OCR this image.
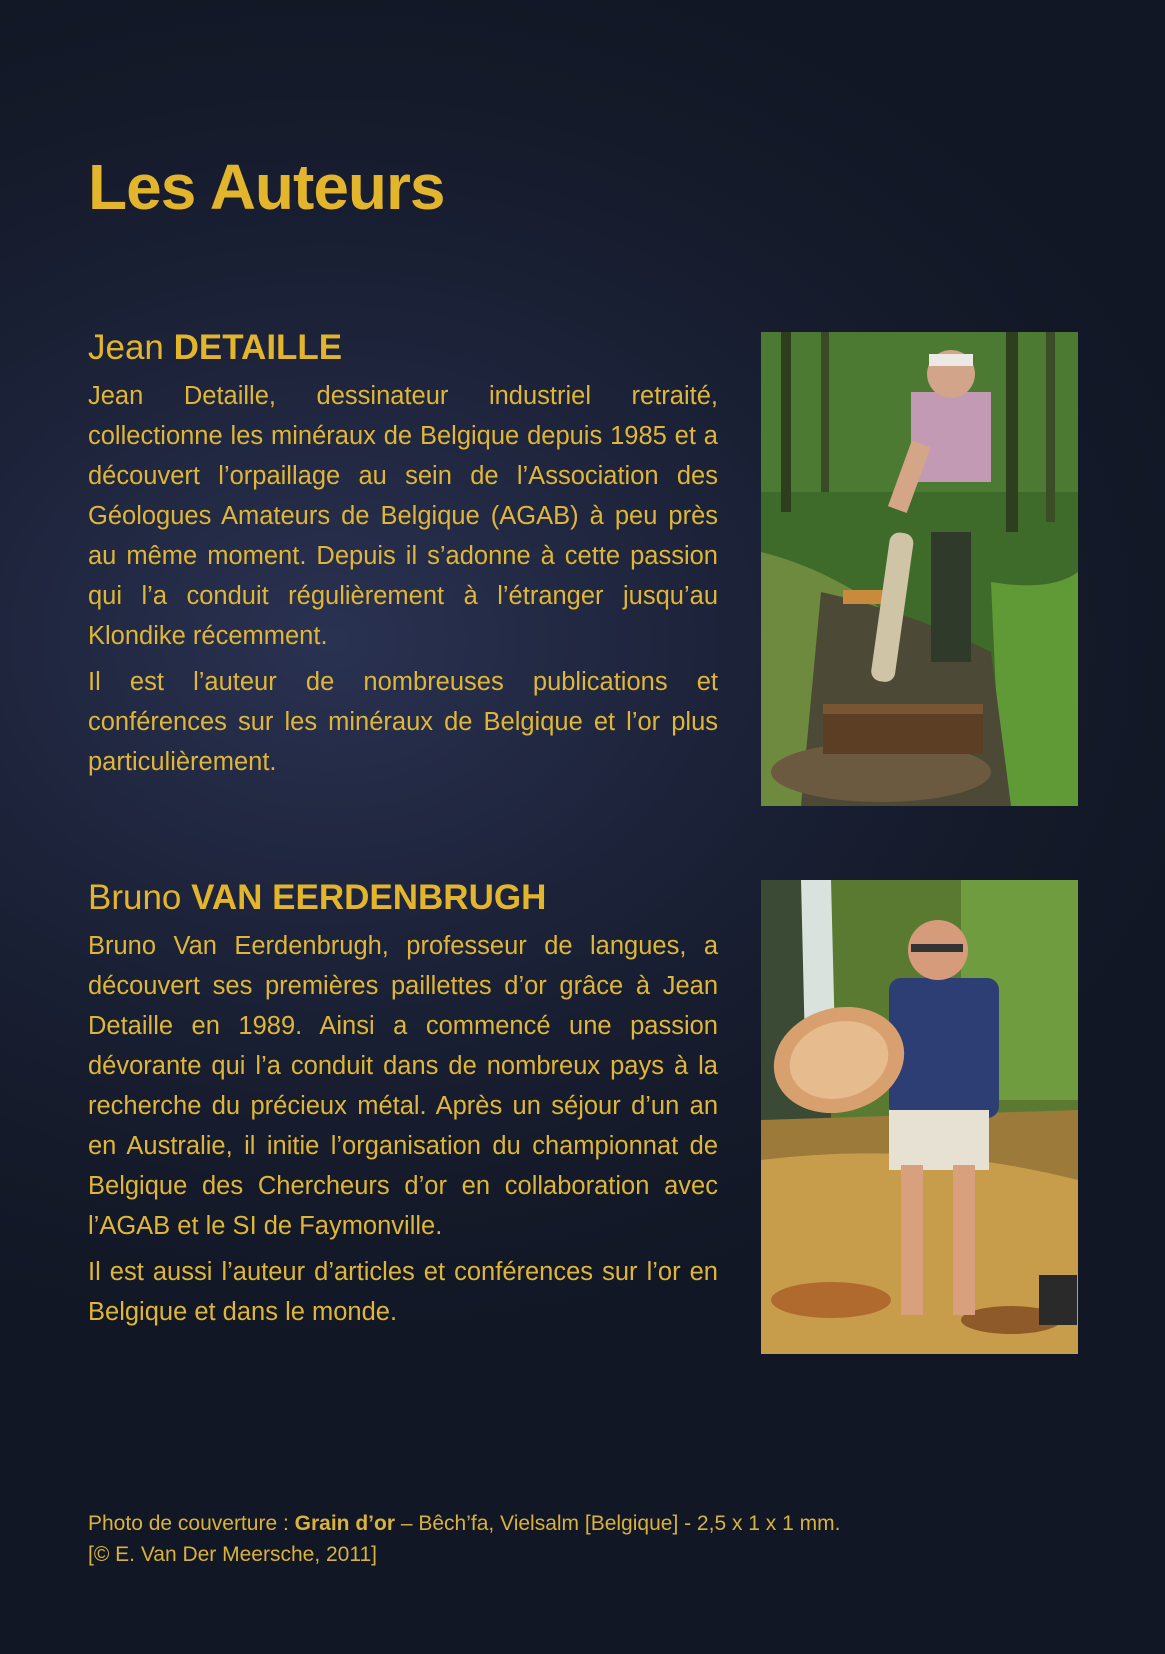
Les Auteurs
Jean DETAILLE

Jean Detaille, dessinateur industriel retraité, collectionne les minéraux de Belgique depuis 1985 et a découvert l’orpaillage au sein de l’Association des Géologues Amateurs de Belgique (AGAB) à peu près au même moment. Depuis il s’adonne à cette passion qui l’a conduit régulièrement à l’étranger jusqu’au Klondike récemment.

Il est l’auteur de nombreuses publications et conférences sur les minéraux de Belgique et l’or plus particulièrement.

Bruno VAN EERDENBRUGH

Bruno Van Eerdenbrugh, professeur de langues, a découvert ses premières paillettes d’or grâce à Jean Detaille en 1989. Ainsi a commencé une passion dévorante qui l’a conduit dans de nombreux pays à la recherche du précieux métal. Après un séjour d’un an en Australie, il initie l’organisation du championnat de Belgique des Chercheurs d’or en collaboration avec l’AGAB et le SI de Faymonville.

Il est aussi l’auteur d’articles et conférences sur l’or en Belgique et dans le monde.

Photo de couverture : Grain d’or – Bêch’fa, Vielsalm [Belgique] - 2,5 x 1 x 1 mm.
[© E. Van Der Meersche, 2011]
